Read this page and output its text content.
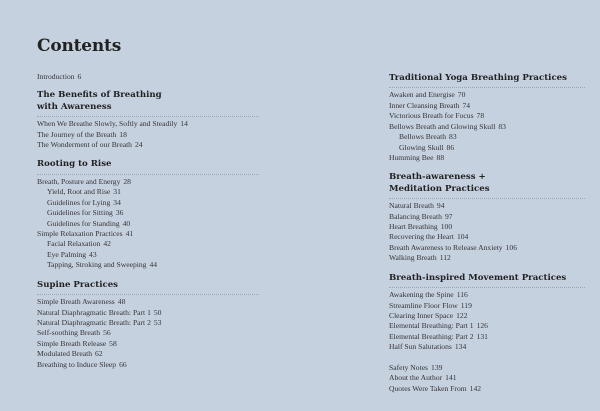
Contents
Introduction 6
The Benefits of Breathing
with Awareness
When We Breathe Slowly, Softly and Steadily 14
The Journey of the Breath 18
The Wonderment of our Breath 24
Rooting to Rise
Breath, Posture and Energy 28
Yield, Root and Rise 31
Guidelines for Lying 34
Guidelines for Sitting 36
Guidelines for Standing 40
Simple Relaxation Practices 41
Facial Relaxation 42
Eye Palming 43
Tapping, Stroking and Sweeping 44
Supine Practices
Simple Breath Awareness 48
Natural Diaphragmatic Breath: Part 1 50
Natural Diaphragmatic Breath: Part 2 53
Self-soothing Breath 56
Simple Breath Release 58
Modulated Breath 62
Breathing to Induce Sleep 66
Traditional Yoga Breathing Practices
Awaken and Energise 70
Inner Cleansing Breath 74
Victorious Breath for Focus 78
Bellows Breath and Glowing Skull 83
Bellows Breath 83
Glowing Skull 86
Humming Bee 88
Breath-awareness +
Meditation Practices
Natural Breath 94
Balancing Breath 97
Heart Breathing 100
Recovering the Heart 104
Breath Awareness to Release Anxiety 106
Walking Breath 112
Breath-inspired Movement Practices
Awakening the Spine 116
Streamline Floor Flow 119
Clearing Inner Space 122
Elemental Breathing: Part 1 126
Elemental Breathing: Part 2 131
Half Sun Salutations 134
Safety Notes 139
About the Author 141
Quotes Were Taken From 142
